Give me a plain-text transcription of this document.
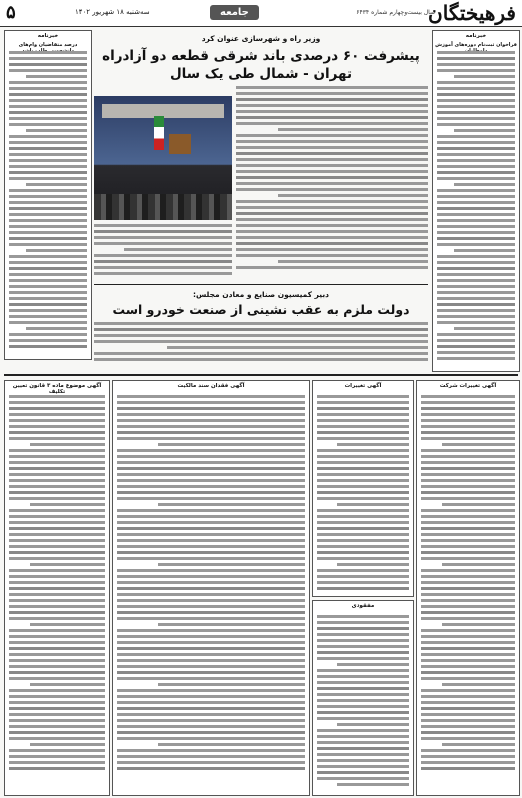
۵	سه‌شنبه ۱۸ شهریور ۱۴۰۲	جامعه	سال بیست‌وچهارم شماره ۶۴۳۴
فرهیختگان
خبرنامه
درصد متقاضیان وام‌های
خبرنامه
فراخوان ثبت‌نام دوره‌های آموزش
وزیر راه و شهرسازی عنوان کرد
پیشرفت ۶۰ درصدی باند شرقی قطعه دو آزادراه
تهران - شمال طی یک سال
دبیر کمیسیون صنایع و معادن مجلس:
دولت ملزم به عقب نشینی از صنعت خودرو است
آگهی تغییرات شرکت
آگهی تغییرات
مفقودی
آگهی فقدان سند مالکیت
آگهی موضوع ماده ۳ قانون تعیین تکلیف
